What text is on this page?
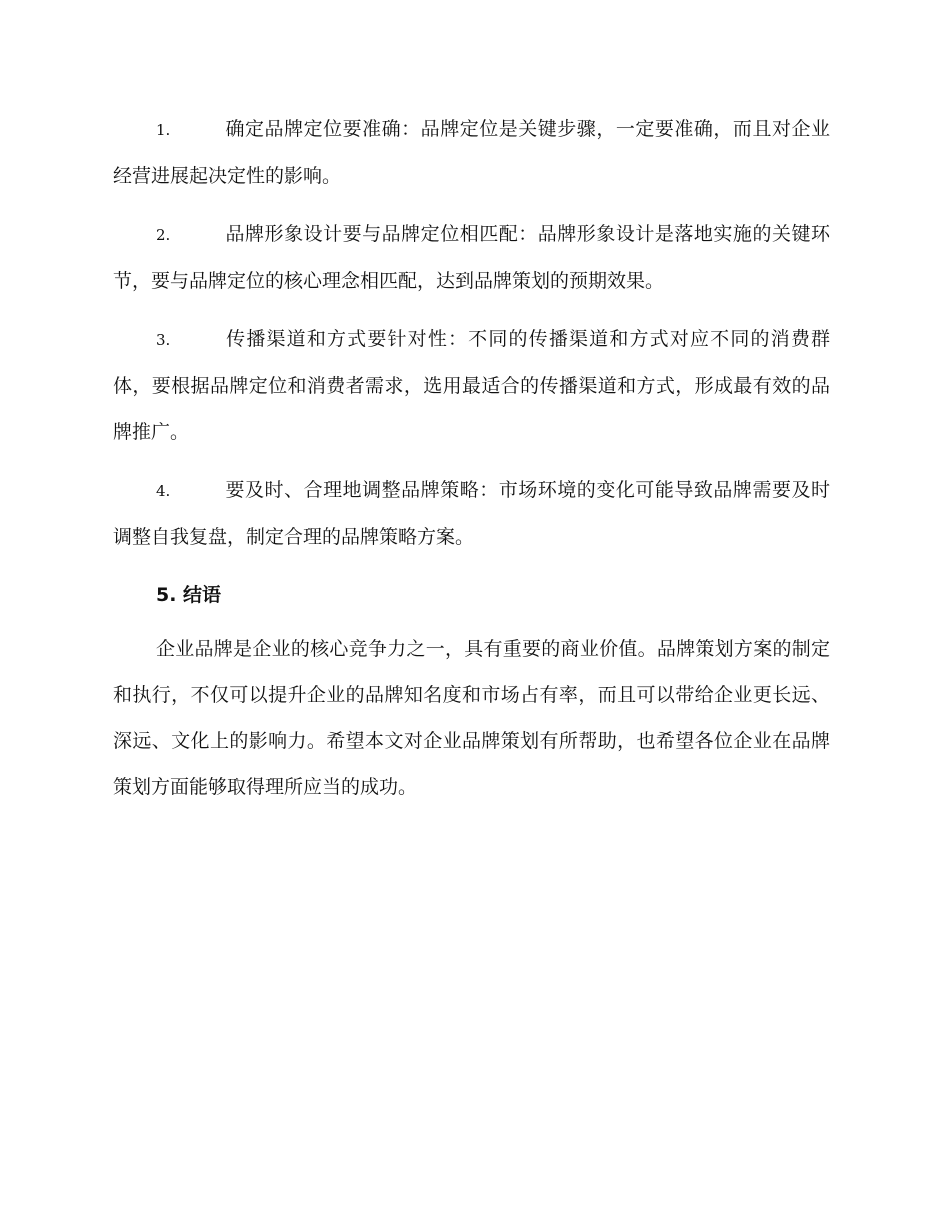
1.	确定品牌定位要准确：品牌定位是关键步骤，一定要准确，而且对企业经营进展起决定性的影响。
2.	品牌形象设计要与品牌定位相匹配：品牌形象设计是落地实施的关键环节，要与品牌定位的核心理念相匹配，达到品牌策划的预期效果。
3.	传播渠道和方式要针对性：不同的传播渠道和方式对应不同的消费群体，要根据品牌定位和消费者需求，选用最适合的传播渠道和方式，形成最有效的品牌推广。
4.	要及时、合理地调整品牌策略：市场环境的变化可能导致品牌需要及时调整自我复盘，制定合理的品牌策略方案。
5. 结语

企业品牌是企业的核心竞争力之一，具有重要的商业价值。品牌策划方案的制定和执行，不仅可以提升企业的品牌知名度和市场占有率，而且可以带给企业更长远、深远、文化上的影响力。希望本文对企业品牌策划有所帮助，也希望各位企业在品牌策划方面能够取得理所应当的成功。
